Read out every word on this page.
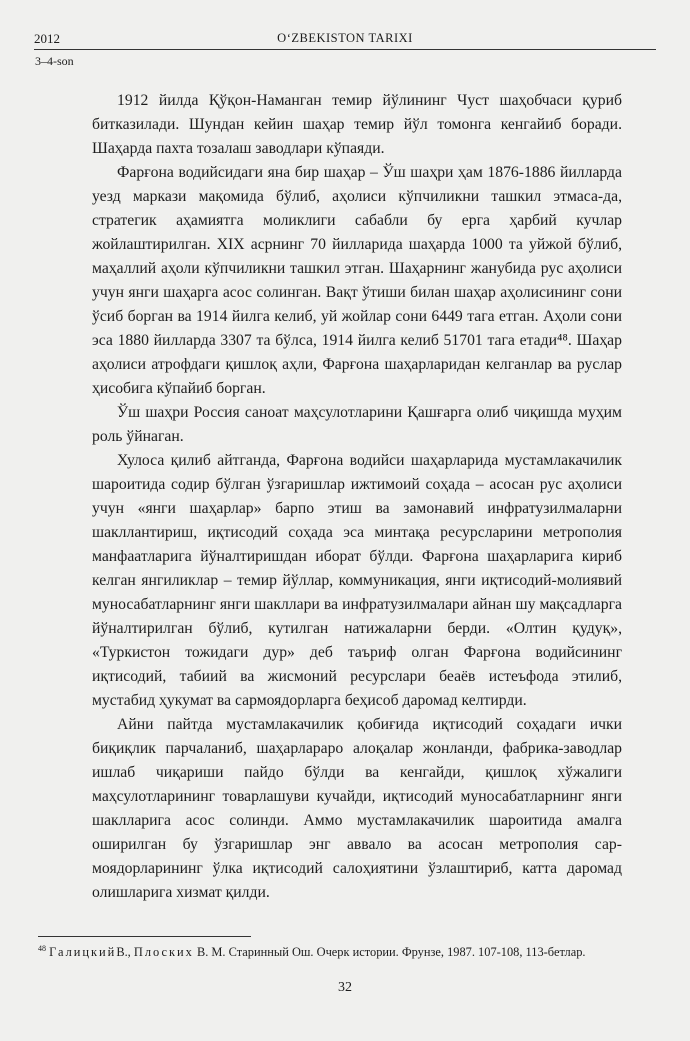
2012	O‘ZBEKISTON TARIXI
3–4-son

1912 йилда Қўқон-Наманган темир йўлининг Чуст шаҳобчаси қуриб битказилади. Шундан кейин шаҳар темир йўл томонга кенгайиб боради. Шаҳарда пахта тозалаш заводлари кўпаяди.

Фарғона водийсидаги яна бир шаҳар – Ўш шаҳри ҳам 1876-1886 йилларда уезд маркази мақомида бўлиб, аҳолиси кўпчиликни ташкил этмаса-да, стратегик аҳамиятга моликлиги сабабли бу ерга ҳарбий кучлар жойлаштирилган. XIX асрнинг 70 йилларида шаҳарда 1000 та уйжой бўлиб, маҳаллий аҳоли кўпчиликни ташкил этган. Шаҳарнинг жанубида рус аҳолиси учун янги шаҳарга асос солинган. Вақт ўтиши билан шаҳар аҳолисининг сони ўсиб борган ва 1914 йилга келиб, уй жойлар сони 6449 тага етган. Аҳоли сони эса 1880 йилларда 3307 та бўлса, 1914 йилга келиб 51701 тага етади⁴⁸. Шаҳар аҳолиси атрофдаги қишлоқ аҳли, Фарғона шаҳарларидан келганлар ва руслар ҳисобига кўпайиб борган.

Ўш шаҳри Россия саноат маҳсулотларини Қашғарга олиб чиқишда муҳим роль ўйнаган.

Хулоса қилиб айтганда, Фарғона водийси шаҳарларида мустамлакачилик шароитида содир бўлган ўзгаришлар ижтимоий соҳада – асосан рус аҳолиси учун «янги шаҳарлар» барпо этиш ва замонавий инфратузилмаларни шакллантириш, иқтисодий соҳада эса минтақа ресурсларини метрополия манфаатларига йўналтиришдан иборат бўлди. Фарғона шаҳарларига кириб келган янгиликлар – темир йўллар, коммуникация, янги иқтисодий-молиявий муносабатларнинг янги шакллари ва инфратузилмалари айнан шу мақсадларга йўналтирилган бўлиб, кутилган натижаларни берди. «Олтин қудуқ», «Туркистон тожидаги дур» деб таъриф олган Фарғона водийсининг иқтисодий, табиий ва жисмоний ресурслари беаёв истеъфода этилиб, мустабид ҳукумат ва сармоядорларга беҳисоб даромад келтирди.

Айни пайтда мустамлакачилик қобиғида иқтисодий соҳадаги ички биқиқлик парчаланиб, шаҳарлараро алоқалар жонланди, фабрика-заводлар ишлаб чиқариши пайдо бўлди ва кенгайди, қишлоқ хўжалиги маҳсулотларининг товарлашуви кучайди, иқтисодий муносабатларнинг янги шаклларига асос солинди. Аммо мустамлакачилик шароитида амалга оширилган бу ўзгаришлар энг аввало ва асосан метрополия сармоядорларининг ўлка иқтисодий салоҳиятини ўзлаштириб, катта даромад олишларига хизмат қилди.

$^{48}$ ГалицкийВ., Плоских В. М. Старинный Ош. Очерк истории. Фрунзе, 1987. 107-108, 113-бетлар.
32
